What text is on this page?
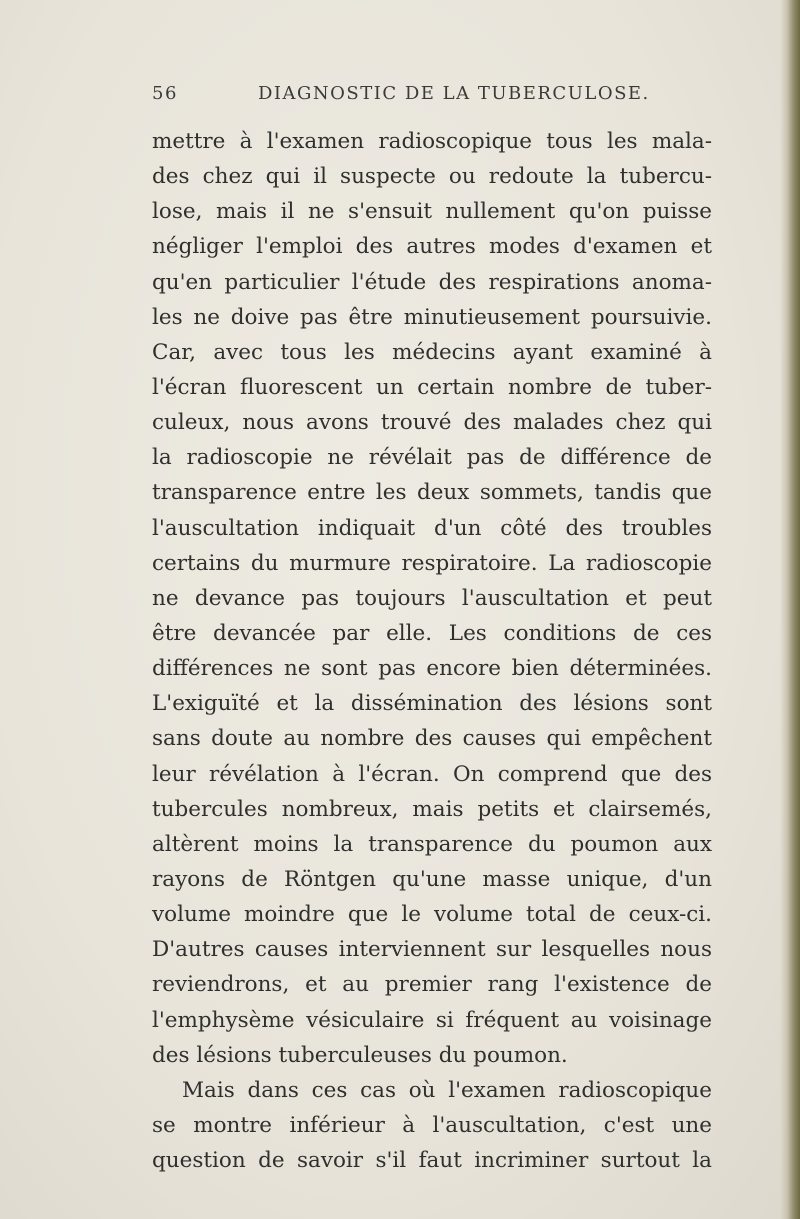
56	DIAGNOSTIC DE LA TUBERCULOSE.
mettre à l'examen radioscopique tous les mala-
des chez qui il suspecte ou redoute la tubercu-
lose, mais il ne s'ensuit nullement qu'on puisse
négliger l'emploi des autres modes d'examen et
qu'en particulier l'étude des respirations anoma-
les ne doive pas être minutieusement poursuivie.
Car, avec tous les médecins ayant examiné à
l'écran fluorescent un certain nombre de tuber-
culeux, nous avons trouvé des malades chez qui
la radioscopie ne révélait pas de différence de
transparence entre les deux sommets, tandis que
l'auscultation indiquait d'un côté des troubles
certains du murmure respiratoire. La radioscopie
ne devance pas toujours l'auscultation et peut
être devancée par elle. Les conditions de ces
différences ne sont pas encore bien déterminées.
L'exiguïté et la dissémination des lésions sont
sans doute au nombre des causes qui empêchent
leur révélation à l'écran. On comprend que des
tubercules nombreux, mais petits et clairsemés,
altèrent moins la transparence du poumon aux
rayons de Röntgen qu'une masse unique, d'un
volume moindre que le volume total de ceux-ci.
D'autres causes interviennent sur lesquelles nous
reviendrons, et au premier rang l'existence de
l'emphysème vésiculaire si fréquent au voisinage
des lésions tuberculeuses du poumon.
Mais dans ces cas où l'examen radioscopique
se montre inférieur à l'auscultation, c'est une
question de savoir s'il faut incriminer surtout la
